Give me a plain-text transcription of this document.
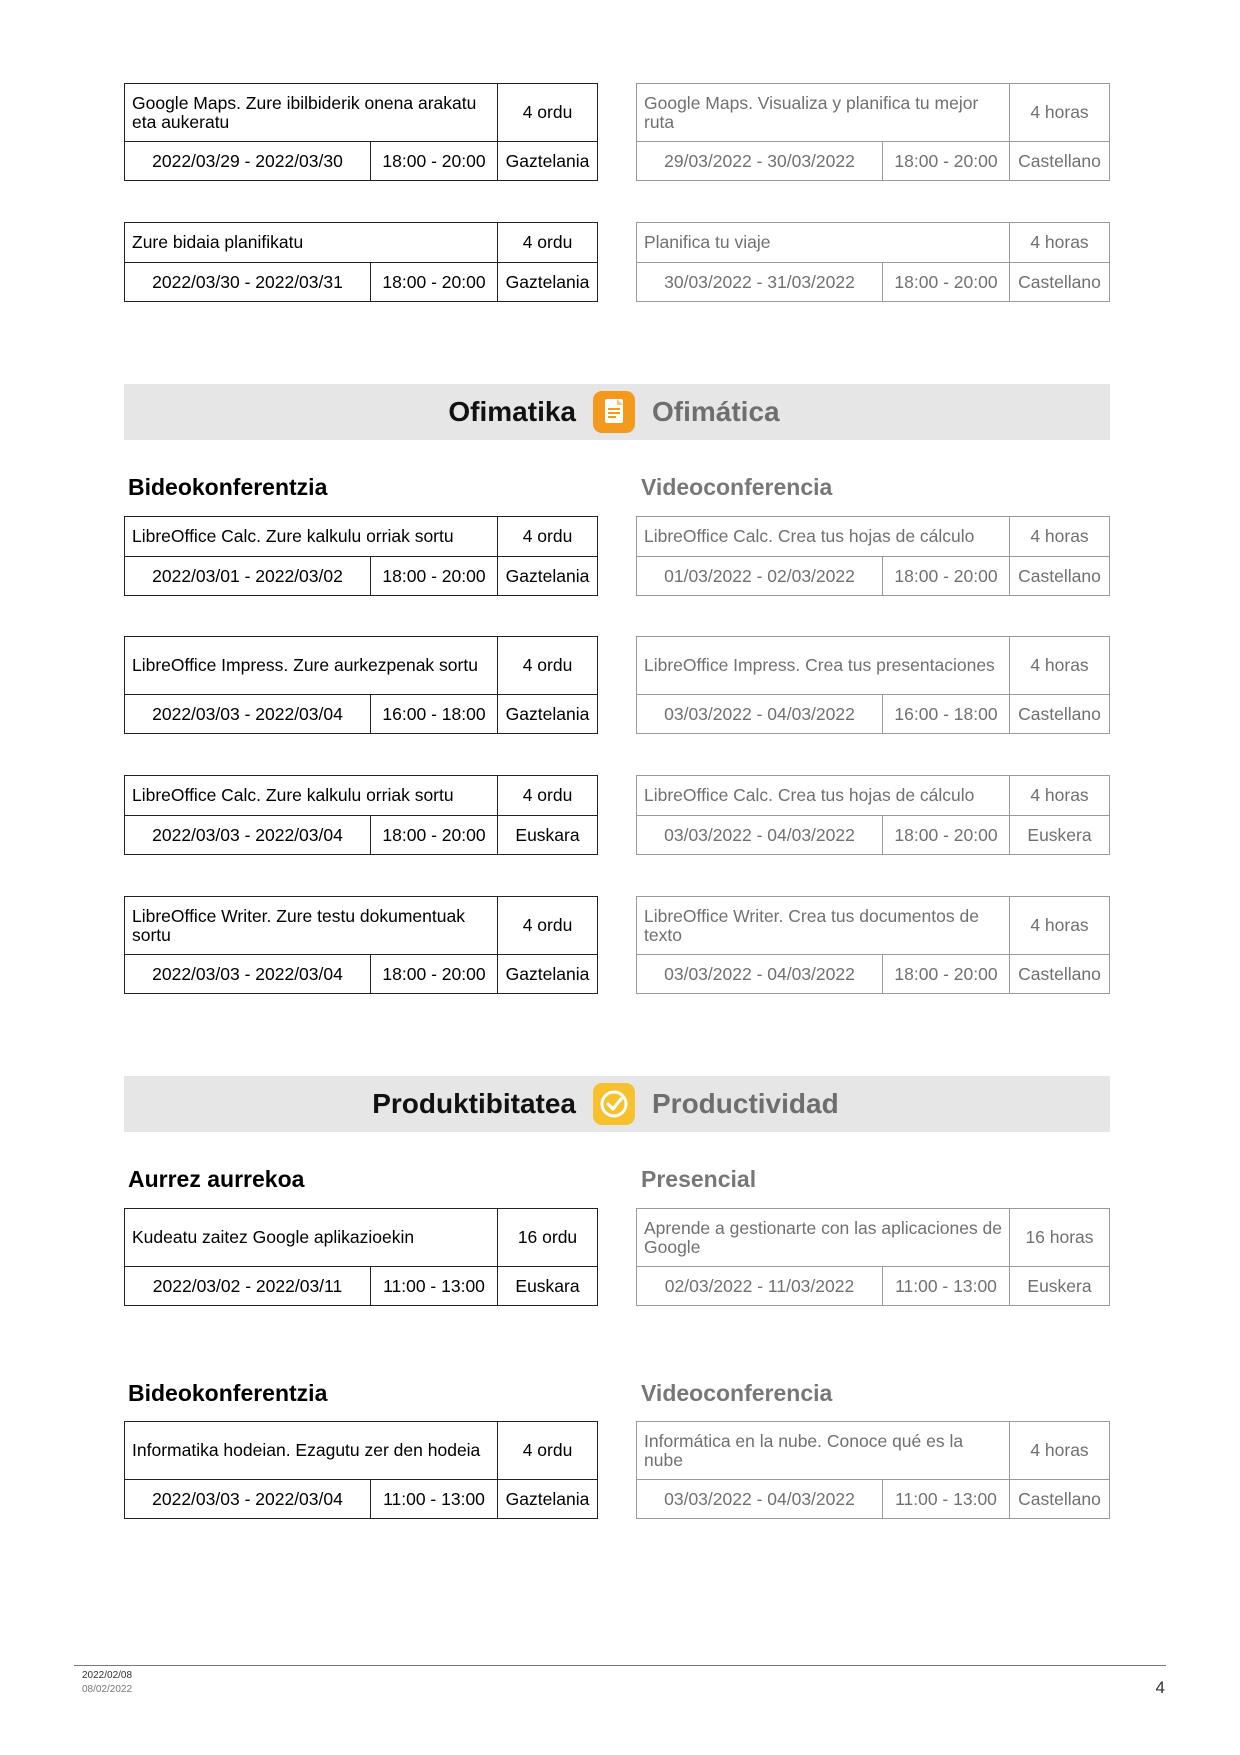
Google Maps. Zure ibilbiderik onena arakatu eta aukeratu	4 ordu
2022/03/29 - 2022/03/30	18:00 - 20:00	Gaztelania
Google Maps. Visualiza y planifica tu mejor ruta	4 horas
29/03/2022 - 30/03/2022	18:00 - 20:00	Castellano
Zure bidaia planifikatu	4 ordu
2022/03/30 - 2022/03/31	18:00 - 20:00	Gaztelania
Planifica tu viaje	4 horas
30/03/2022 - 31/03/2022	18:00 - 20:00	Castellano
Ofimatika	Ofimática
Bideokonferentzia	Videoconferencia
LibreOffice Calc. Zure kalkulu orriak sortu	4 ordu
2022/03/01 - 2022/03/02	18:00 - 20:00	Gaztelania
LibreOffice Calc. Crea tus hojas de cálculo	4 horas
01/03/2022 - 02/03/2022	18:00 - 20:00	Castellano
LibreOffice Impress. Zure aurkezpenak sortu	4 ordu
2022/03/03 - 2022/03/04	16:00 - 18:00	Gaztelania
LibreOffice Impress. Crea tus presentaciones	4 horas
03/03/2022 - 04/03/2022	16:00 - 18:00	Castellano
LibreOffice Calc. Zure kalkulu orriak sortu	4 ordu
2022/03/03 - 2022/03/04	18:00 - 20:00	Euskara
LibreOffice Calc. Crea tus hojas de cálculo	4 horas
03/03/2022 - 04/03/2022	18:00 - 20:00	Euskera
LibreOffice Writer. Zure testu dokumentuak sortu	4 ordu
2022/03/03 - 2022/03/04	18:00 - 20:00	Gaztelania
LibreOffice Writer. Crea tus documentos de texto	4 horas
03/03/2022 - 04/03/2022	18:00 - 20:00	Castellano
Produktibitatea	Productividad
Aurrez aurrekoa	Presencial
Kudeatu zaitez Google aplikazioekin	16 ordu
2022/03/02 - 2022/03/11	11:00 - 13:00	Euskara
Aprende a gestionarte con las aplicaciones de Google	16 horas
02/03/2022 - 11/03/2022	11:00 - 13:00	Euskera
Bideokonferentzia	Videoconferencia
Informatika hodeian. Ezagutu zer den hodeia	4 ordu
2022/03/03 - 2022/03/04	11:00 - 13:00	Gaztelania
Informática en la nube. Conoce qué es la nube	4 horas
03/03/2022 - 04/03/2022	11:00 - 13:00	Castellano
2022/02/08
08/02/2022	4
